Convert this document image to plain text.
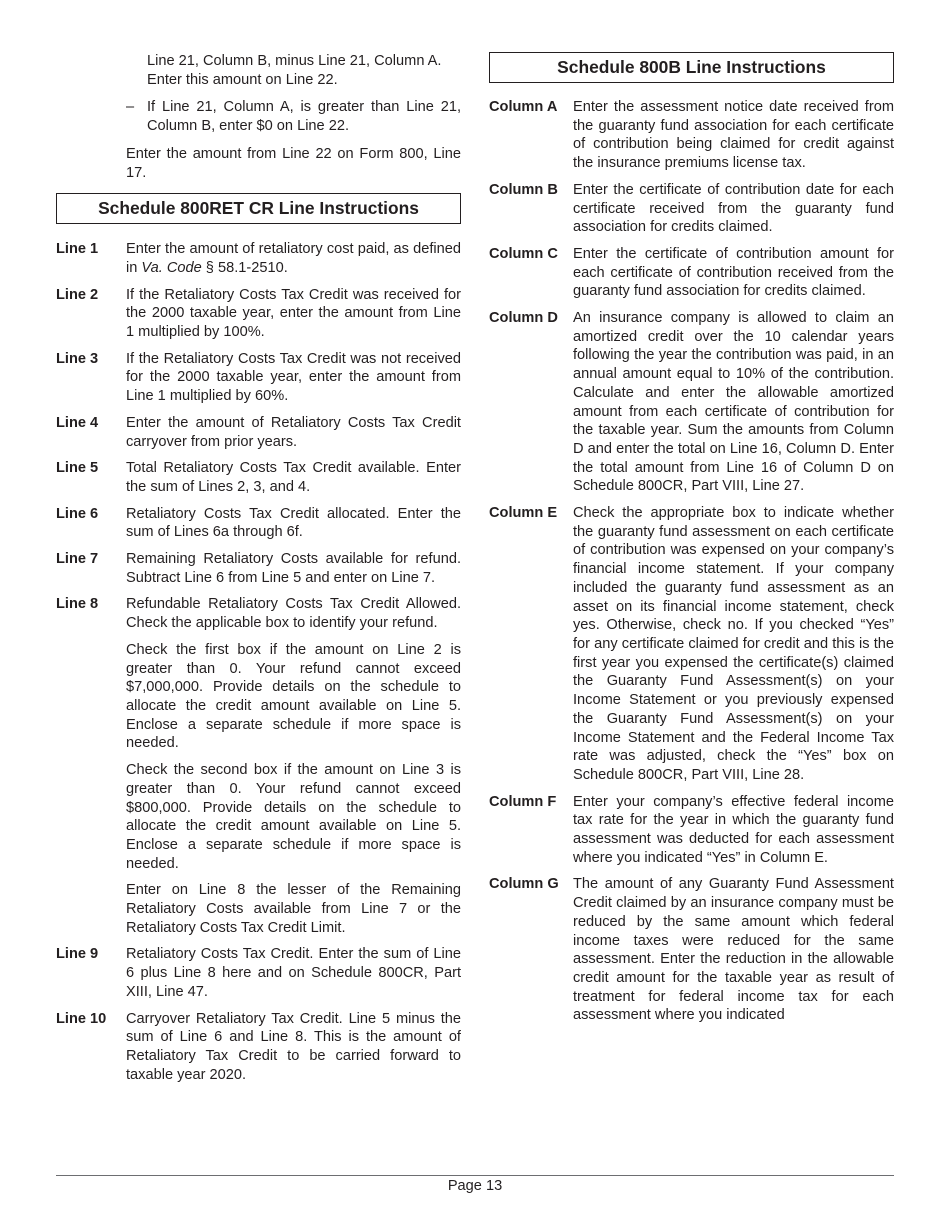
Line 21, Column B, minus Line 21, Column A. Enter this amount on Line 22.

– If Line 21, Column A, is greater than Line 21, Column B, enter $0 on Line 22.

Enter the amount from Line 22 on Form 800, Line 17.

Schedule 800RET CR Line Instructions
Line 1	Enter the amount of retaliatory cost paid, as defined in Va. Code § 58.1-2510.
Line 2	If the Retaliatory Costs Tax Credit was received for the 2000 taxable year, enter the amount from Line 1 multiplied by 100%.
Line 3	If the Retaliatory Costs Tax Credit was not received for the 2000 taxable year, enter the amount from Line 1 multiplied by 60%.
Line 4	Enter the amount of Retaliatory Costs Tax Credit carryover from prior years.
Line 5	Total Retaliatory Costs Tax Credit available. Enter the sum of Lines 2, 3, and 4.
Line 6	Retaliatory Costs Tax Credit allocated. Enter the sum of Lines 6a through 6f.
Line 7	Remaining Retaliatory Costs available for refund. Subtract Line 6 from Line 5 and enter on Line 7.
Line 8	Refundable Retaliatory Costs Tax Credit Allowed. Check the applicable box to identify your refund.
Check the first box if the amount on Line 2 is greater than 0. Your refund cannot exceed $7,000,000. Provide details on the schedule to allocate the credit amount available on Line 5. Enclose a separate schedule if more space is needed.
Check the second box if the amount on Line 3 is greater than 0. Your refund cannot exceed $800,000. Provide details on the schedule to allocate the credit amount available on Line 5. Enclose a separate schedule if more space is needed.
Enter on Line 8 the lesser of the Remaining Retaliatory Costs available from Line 7 or the Retaliatory Costs Tax Credit Limit.
Line 9	Retaliatory Costs Tax Credit. Enter the sum of Line 6 plus Line 8 here and on Schedule 800CR, Part XIII, Line 47.
Line 10	Carryover Retaliatory Tax Credit. Line 5 minus the sum of Line 6 and Line 8. This is the amount of Retaliatory Tax Credit to be carried forward to taxable year 2020.
Schedule 800B Line Instructions
Column A	Enter the assessment notice date received from the guaranty fund association for each certificate of contribution being claimed for credit against the insurance premiums license tax.
Column B	Enter the certificate of contribution date for each certificate received from the guaranty fund association for credits claimed.
Column C	Enter the certificate of contribution amount for each certificate of contribution received from the guaranty fund association for credits claimed.
Column D	An insurance company is allowed to claim an amortized credit over the 10 calendar years following the year the contribution was paid, in an annual amount equal to 10% of the contribution. Calculate and enter the allowable amortized amount from each certificate of contribution for the taxable year. Sum the amounts from Column D and enter the total on Line 16, Column D. Enter the total amount from Line 16 of Column D on Schedule 800CR, Part VIII, Line 27.
Column E	Check the appropriate box to indicate whether the guaranty fund assessment on each certificate of contribution was expensed on your company’s financial income statement. If your company included the guaranty fund assessment as an asset on its financial income statement, check yes. Otherwise, check no. If you checked “Yes” for any certificate claimed for credit and this is the first year you expensed the certificate(s) claimed the Guaranty Fund Assessment(s) on your Income Statement or you previously expensed the Guaranty Fund Assessment(s) on your Income Statement and the Federal Income Tax rate was adjusted, check the “Yes” box on Schedule 800CR, Part VIII, Line 28.
Column F	Enter your company’s effective federal income tax rate for the year in which the guaranty fund assessment was deducted for each assessment where you indicated “Yes” in Column E.
Column G The amount of any Guaranty Fund Assessment Credit claimed by an insurance company must be reduced by the same amount which federal income taxes were reduced for the same assessment. Enter the reduction in the allowable credit amount for the taxable year as result of treatment for federal income tax for each assessment where you indicated
Page 13
